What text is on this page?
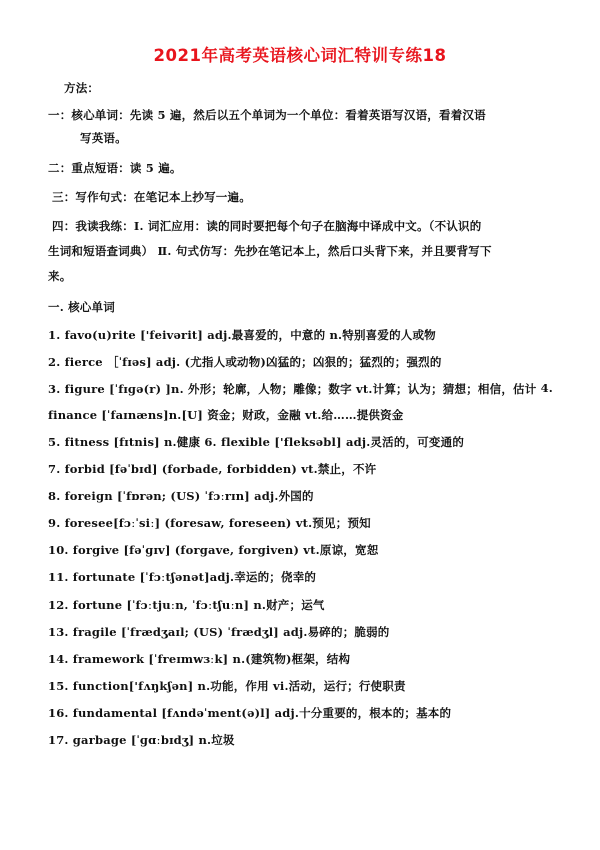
2021年高考英语核心词汇特训专练18
方法：
一：核心单词：先读 5 遍，然后以五个单词为一个单位：看着英语写汉语，看着汉语
写英语。
二：重点短语：读 5 遍。
三：写作句式：在笔记本上抄写一遍。
四：我读我练：Ⅰ. 词汇应用：读的同时要把每个句子在脑海中译成中文。（不认识的
生词和短语查词典） Ⅱ. 句式仿写：先抄在笔记本上，然后口头背下来，并且要背写下
来。
一. 核心单词
1. favo(u)rite ['feivərit] adj.最喜爱的，中意的 n.特别喜爱的人或物
2. fierce ［ˈfɪəs] adj. (尤指人或动物)凶猛的；凶狠的；猛烈的；强烈的
3. figure [ˈfɪɡə(r) ]n. 外形；轮廓，人物；雕像；数字 vt.计算；认为；猜想；相信，估计 4.
finance [ˈfaɪnæns]n.[U] 资金；财政，金融 vt.给……提供资金
5. fitness [fɪtnis] n.健康 6. flexible ['fleksəbl] adj.灵活的，可变通的
7. forbid [fəˈbɪd] (forbade, forbidden) vt.禁止，不许
8. foreign [ˈfɒrən; (US) ˈfɔːrɪn] adj.外国的
9. foresee[fɔːˈsiː] (foresaw, foreseen) vt.预见；预知
10. forgive [fəˈɡɪv] (forgave, forgiven) vt.原谅，宽恕
11. fortunate [ˈfɔːtʃənət]adj.幸运的；侥幸的
12. fortune [ˈfɔːtjuːn, ˈfɔːtʃuːn] n.财产；运气
13. fragile [ˈfrædʒaɪl; (US) ˈfrædʒl] adj.易碎的；脆弱的
14. framework [ˈfreɪmwɜːk] n.(建筑物)框架，结构
15. function['fʌŋkʃən] n.功能，作用 vi.活动，运行；行使职责
16. fundamental [fʌndəˈment(ə)l] adj.十分重要的，根本的；基本的
17. garbage [ˈɡɑːbɪdʒ] n.垃圾
